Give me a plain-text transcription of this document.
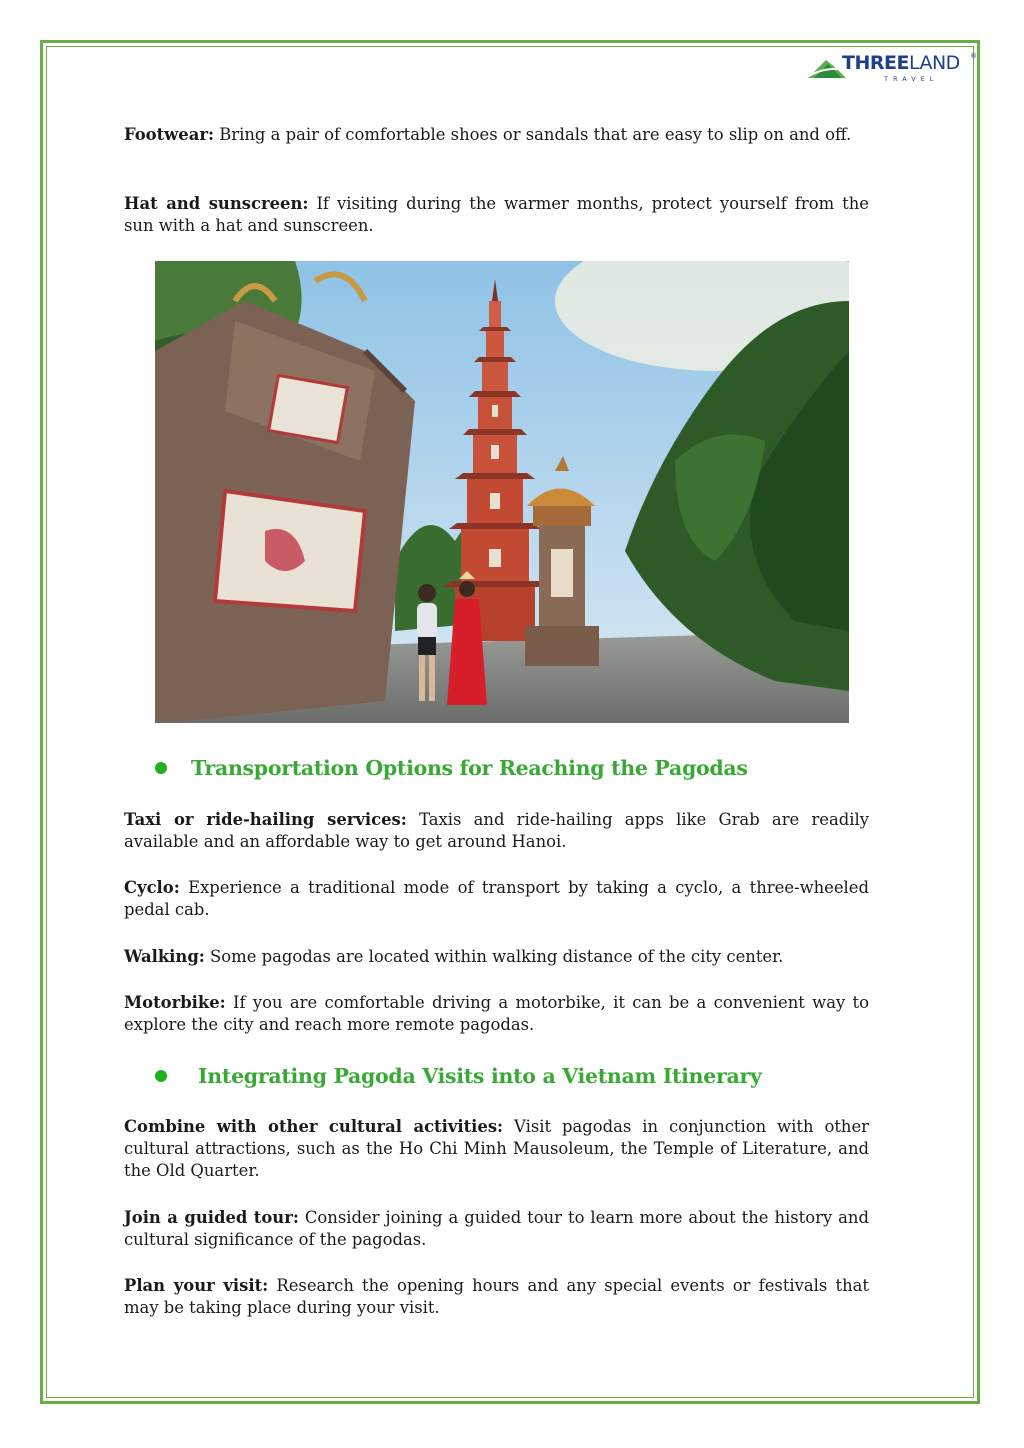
THREELAND ®
TRAVEL

Footwear: Bring a pair of comfortable shoes or sandals that are easy to slip on and off.

Hat and sunscreen: If visiting during the warmer months, protect yourself from the sun with a hat and sunscreen.

Transportation Options for Reaching the Pagodas

Taxi or ride-hailing services: Taxis and ride-hailing apps like Grab are readily available and an affordable way to get around Hanoi.

Cyclo: Experience a traditional mode of transport by taking a cyclo, a three-wheeled pedal cab.

Walking: Some pagodas are located within walking distance of the city center.

Motorbike: If you are comfortable driving a motorbike, it can be a convenient way to explore the city and reach more remote pagodas.

Integrating Pagoda Visits into a Vietnam Itinerary

Combine with other cultural activities: Visit pagodas in conjunction with other cultural attractions, such as the Ho Chi Minh Mausoleum, the Temple of Literature, and the Old Quarter.

Join a guided tour: Consider joining a guided tour to learn more about the history and cultural significance of the pagodas.

Plan your visit: Research the opening hours and any special events or festivals that may be taking place during your visit.
